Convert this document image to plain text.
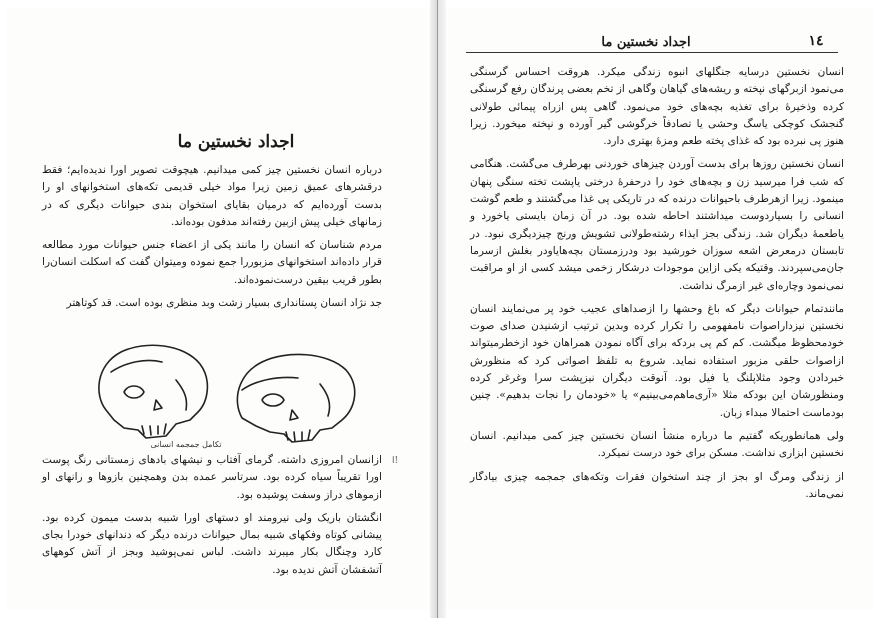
اجداد نخستین ما

درباره انسان نخستین چیز کمی میدانیم. هیچوقت تصویر اورا ندیده‌ایم؛ فقط درقشرهای عمیق زمین زیرا مواد خیلی قدیمی تکه‌های استخوانهای او را بدست آورده‌ایم که درمیان بقایای استخوان بندی حیوانات دیگری که در زمانهای خیلی پیش ازبین رفته‌اند مدفون بوده‌اند.

مردم شناسان که انسان را مانند یکی از اعضاء جنس حیوانات مورد مطالعه قرار داده‌اند استخوانهای مزبوررا جمع نموده ومیتوان گفت که اسکلت انسان‌را بطور قریب بیقین درست‌نموده‌اند.

جد نژاد انسان پستانداری بسیار زشت وبد منظری بوده است. قد کوتاهتر

تکامل جمجمه انسانی

ازانسان امروزی داشته. گرمای آفتاب و نیشهای بادهای زمستانی رنگ پوست اورا تقریباً سیاه کرده بود. سرتاسر عمده بدن وهمچنین بازوها و رانهای او ازموهای دراز وسفت پوشیده بود.

انگشتان باریک ولی نیرومند او دستهای اورا شبیه بدست میمون کرده بود. پیشانی کوتاه وفکهای شبیه بمال حیوانات درنده دیگر که دندانهای خودرا بجای کارد وچنگال بکار میبرند داشت. لباس نمی‌پوشید وبجز از آتش کوههای آتشفشان آتش ندیده بود.

ا!
١٤
اجداد نخستین ما

انسان نخستین درسایه جنگلهای انبوه زندگی میکرد. هروقت احساس گرسنگی می‌نمود ازبرگهای نپخته و ریشه‌های گیاهان وگاهی از تخم بعضی پرندگان رفع گرسنگی کرده وذخیرهٔ برای تغذیه بچه‌های خود می‌نمود. گاهی پس ازراه پیمائی طولانی گنجشک کوچکی یاسگ وحشی یا تصادفاً خرگوشی گیر آورده و نپخته میخورد. زیرا هنوز پی نبرده بود که غذای پخته طعم ومزهٔ بهتری دارد.

انسان نخستین روزها برای بدست آوردن چیزهای خوردنی بهرطرف می‌گشت. هنگامی که شب فرا میرسید زن و بچه‌های خود را درحفرهٔ درختی یاپشت تخته سنگی پنهان مینمود. زیرا ازهرطرف باحیوانات درنده که در تاریکی پی غذا می‌گشتند و طعم گوشت انسانی را بسیاردوست میداشتند احاطه شده بود. در آن زمان بایستی یاخورد و یاطعمهٔ دیگران شد. زندگی بجز ایذاء رشته‌طولانی تشویش ورنج چیزدیگری نبود. در تابستان درمعرض اشعه سوزان خورشید بود ودرزمستان بچه‌هایاودر بغلش ازسرما جان‌می‌سپردند. وقتیکه یکی ازاین موجودات درشکار زخمی میشد کسی از او مراقبت نمی‌نمود وچاره‌ای غیر ازمرگ نداشت.

مانندتمام حیوانات دیگر که باغ وحشها را ازصداهای عجیب خود پر می‌نمایند انسان نخستین نیزداراصوات نامفهومی را تکرار کرده وبدین ترتیب ازشنیدن صدای صوت خودمحظوظ میگشت. کم کم پی بردکه برای آگاه نمودن همراهان خود ازخطرمیتواند ازاصوات حلقی مزبور استفاده نماید. شروع به تلفظ اصواتی کرد که منظورش خبردادن وجود مثلاپلنگ یا فیل بود. آنوقت دیگران نیزپشت سرا وغرغر کرده ومنظورشان این بودکه مثلا «آری‌ماهم‌می‌بینیم» یا «خودمان را نجات بدهیم». چنین بودماست احتمالا مبداء زبان.

ولی همانطوریکه گفتیم ما درباره منشأ انسان نخستین چیز کمی میدانیم. انسان نخستین ابزاری نداشت. مسکن برای خود درست نمیکرد.

از زندگی ومرگ او بجز از چند استخوان فقرات وتکه‌های جمجمه چیزی بیادگار نمی‌ماند.
